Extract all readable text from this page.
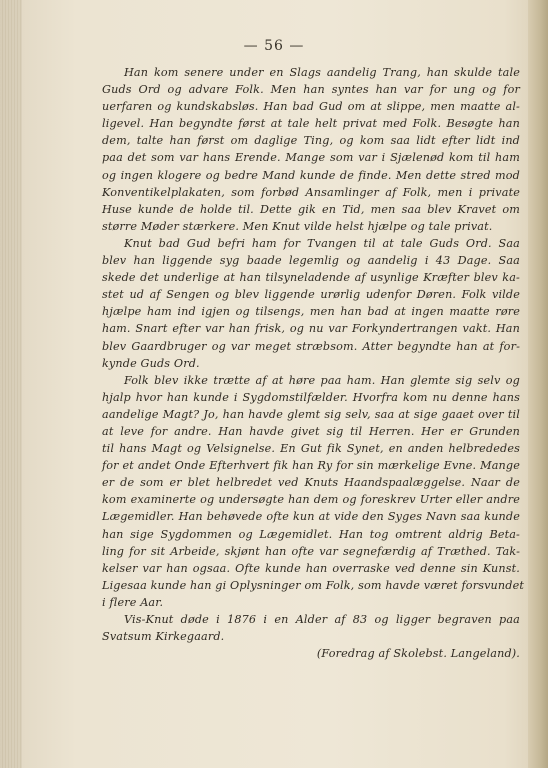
— 56 —
Han kom senere under en Slags aandelig Trang, han skulde tale
Guds Ord og advare Folk. Men han syntes han var for ung og for
uerfaren og kundskabsløs. Han bad Gud om at slippe, men maatte al-
ligevel. Han begyndte først at tale helt privat med Folk. Besøgte han
dem, talte han først om daglige Ting, og kom saa lidt efter lidt ind
paa det som var hans Erende. Mange som var i Sjælenød kom til ham
og ingen klogere og bedre Mand kunde de finde. Men dette stred mod
Konventikelplakaten, som forbød Ansamlinger af Folk, men i private
Huse kunde de holde til. Dette gik en Tid, men saa blev Kravet om
større Møder stærkere. Men Knut vilde helst hjælpe og tale privat.
Knut bad Gud befri ham for Tvangen til at tale Guds Ord. Saa
blev han liggende syg baade legemlig og aandelig i 43 Dage. Saa
skede det underlige at han tilsyneladende af usynlige Kræfter blev ka-
stet ud af Sengen og blev liggende urørlig udenfor Døren. Folk vilde
hjælpe ham ind igjen og tilsengs, men han bad at ingen maatte røre
ham. Snart efter var han frisk, og nu var Forkyndertrangen vakt. Han
blev Gaardbruger og var meget stræbsom. Atter begyndte han at for-
kynde Guds Ord.
Folk blev ikke trætte af at høre paa ham. Han glemte sig selv og
hjalp hvor han kunde i Sygdomstilfælder. Hvorfra kom nu denne hans
aandelige Magt? Jo, han havde glemt sig selv, saa at sige gaaet over til
at leve for andre. Han havde givet sig til Herren. Her er Grunden
til hans Magt og Velsignelse. En Gut fik Synet, en anden helbrededes
for et andet Onde Efterhvert fik han Ry for sin mærkelige Evne. Mange
er de som er blet helbredet ved Knuts Haandspaalæggelse. Naar de
kom examinerte og undersøgte han dem og foreskrev Urter eller andre
Lægemidler. Han behøvede ofte kun at vide den Syges Navn saa kunde
han sige Sygdommen og Lægemidlet. Han tog omtrent aldrig Beta-
ling for sit Arbeide, skjønt han ofte var segnefærdig af Træthed. Tak-
kelser var han ogsaa. Ofte kunde han overraske ved denne sin Kunst.
Ligesaa kunde han gi Oplysninger om Folk, som havde været forsvundet
i flere Aar.
Vis-Knut døde i 1876 i en Alder af 83 og ligger begraven paa
Svatsum Kirkegaard.
(Foredrag af Skolebst. Langeland).
